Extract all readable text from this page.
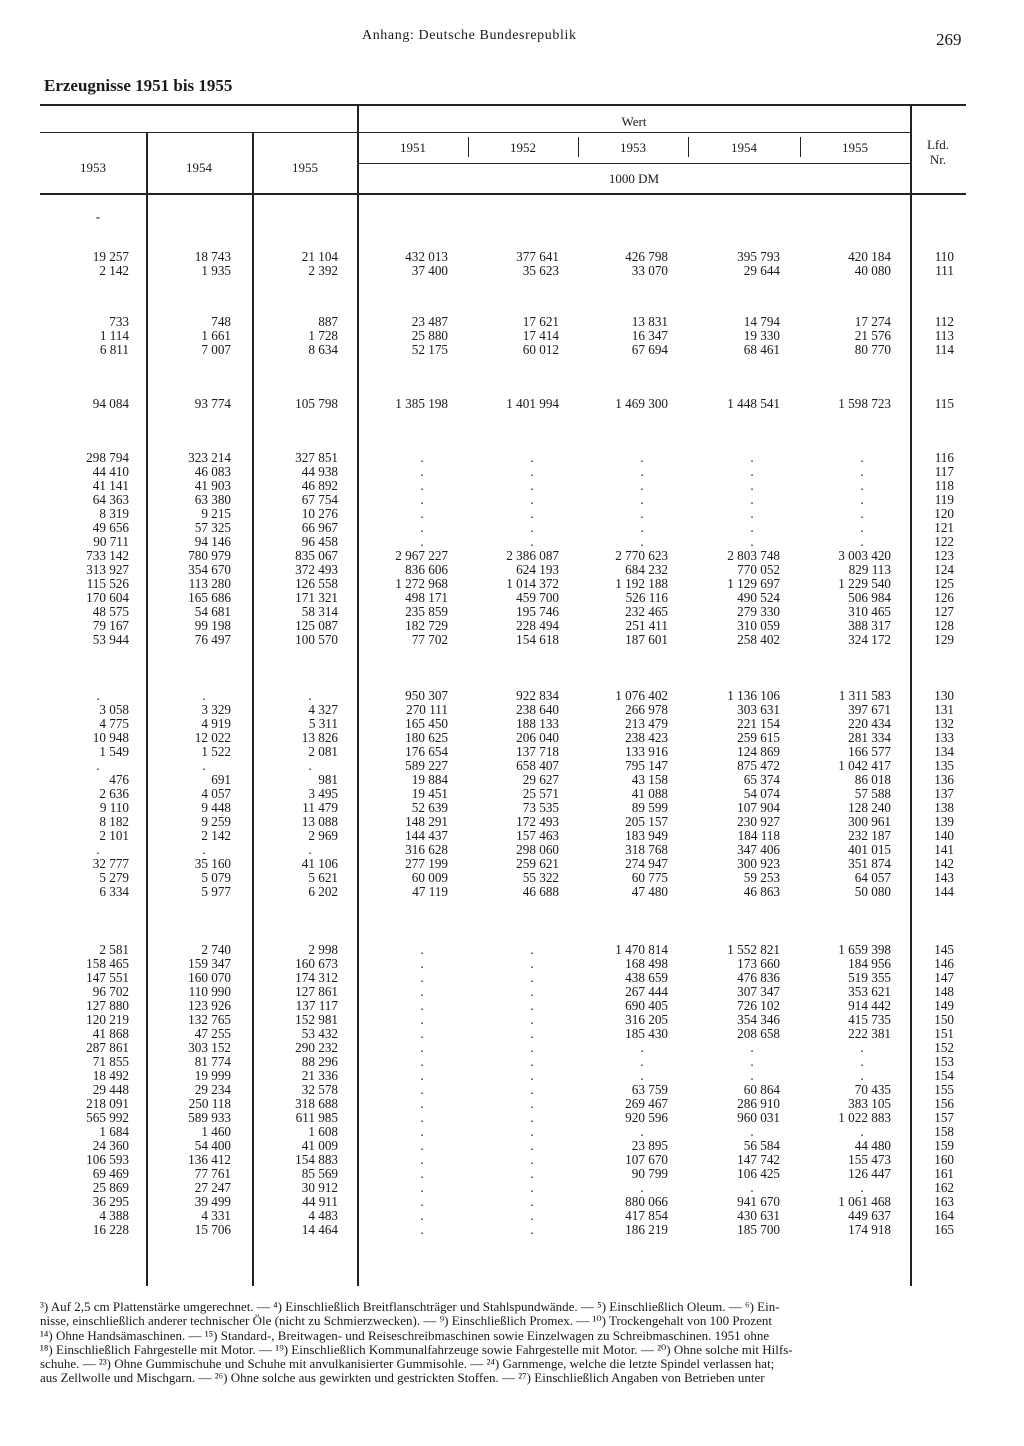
Anhang: Deutsche Bundesrepublik	269
Erzeugnisse 1951 bis 1955
1953	1954	1955
Wert
1951	1952	1953	1954	1955
1000 DM
Lfd.
Nr.
-
19 257	18 743	21 104	432 013	377 641	426 798	395 793	420 184	110
2 142	1 935	2 392	37 400	35 623	33 070	29 644	40 080	111
733	748	887	23 487	17 621	13 831	14 794	17 274	112
1 114	1 661	1 728	25 880	17 414	16 347	19 330	21 576	113
6 811	7 007	8 634	52 175	60 012	67 694	68 461	80 770	114
94 084	93 774	105 798	1 385 198	1 401 994	1 469 300	1 448 541	1 598 723	115
298 794	323 214	327 851	.	.	.	.	.	116
44 410	46 083	44 938	.	.	.	.	.	117
41 141	41 903	46 892	.	.	.	.	.	118
64 363	63 380	67 754	.	.	.	.	.	119
8 319	9 215	10 276	.	.	.	.	.	120
49 656	57 325	66 967	.	.	.	.	.	121
90 711	94 146	96 458	.	.	.	.	.	122
733 142	780 979	835 067	2 967 227	2 386 087	2 770 623	2 803 748	3 003 420	123
313 927	354 670	372 493	836 606	624 193	684 232	770 052	829 113	124
115 526	113 280	126 558	1 272 968	1 014 372	1 192 188	1 129 697	1 229 540	125
170 604	165 686	171 321	498 171	459 700	526 116	490 524	506 984	126
48 575	54 681	58 314	235 859	195 746	232 465	279 330	310 465	127
79 167	99 198	125 087	182 729	228 494	251 411	310 059	388 317	128
53 944	76 497	100 570	77 702	154 618	187 601	258 402	324 172	129
.	.	.	950 307	922 834	1 076 402	1 136 106	1 311 583	130
3 058	3 329	4 327	270 111	238 640	266 978	303 631	397 671	131
4 775	4 919	5 311	165 450	188 133	213 479	221 154	220 434	132
10 948	12 022	13 826	180 625	206 040	238 423	259 615	281 334	133
1 549	1 522	2 081	176 654	137 718	133 916	124 869	166 577	134
.	.	.	589 227	658 407	795 147	875 472	1 042 417	135
476	691	981	19 884	29 627	43 158	65 374	86 018	136
2 636	4 057	3 495	19 451	25 571	41 088	54 074	57 588	137
9 110	9 448	11 479	52 639	73 535	89 599	107 904	128 240	138
8 182	9 259	13 088	148 291	172 493	205 157	230 927	300 961	139
2 101	2 142	2 969	144 437	157 463	183 949	184 118	232 187	140
.	.	.	316 628	298 060	318 768	347 406	401 015	141
32 777	35 160	41 106	277 199	259 621	274 947	300 923	351 874	142
5 279	5 079	5 621	60 009	55 322	60 775	59 253	64 057	143
6 334	5 977	6 202	47 119	46 688	47 480	46 863	50 080	144
2 581	2 740	2 998	.	.	1 470 814	1 552 821	1 659 398	145
158 465	159 347	160 673	.	.	168 498	173 660	184 956	146
147 551	160 070	174 312	.	.	438 659	476 836	519 355	147
96 702	110 990	127 861	.	.	267 444	307 347	353 621	148
127 880	123 926	137 117	.	.	690 405	726 102	914 442	149
120 219	132 765	152 981	.	.	316 205	354 346	415 735	150
41 868	47 255	53 432	.	.	185 430	208 658	222 381	151
287 861	303 152	290 232	.	.	.	.	.	152
71 855	81 774	88 296	.	.	.	.	.	153
18 492	19 999	21 336	.	.	.	.	.	154
29 448	29 234	32 578	.	.	63 759	60 864	70 435	155
218 091	250 118	318 688	.	.	269 467	286 910	383 105	156
565 992	589 933	611 985	.	.	920 596	960 031	1 022 883	157
1 684	1 460	1 608	.	.	.	.	.	158
24 360	54 400	41 009	.	.	23 895	56 584	44 480	159
106 593	136 412	154 883	.	.	107 670	147 742	155 473	160
69 469	77 761	85 569	.	.	90 799	106 425	126 447	161
25 869	27 247	30 912	.	.	.	.	.	162
36 295	39 499	44 911	.	.	880 066	941 670	1 061 468	163
4 388	4 331	4 483	.	.	417 854	430 631	449 637	164
16 228	15 706	14 464	.	.	186 219	185 700	174 918	165
³) Auf 2,5 cm Plattenstärke umgerechnet. — ⁴) Einschließlich Breitflanschträger und Stahlspundwände. — ⁵) Einschließlich Oleum. — ⁶) Ein-
nisse, einschließlich anderer technischer Öle (nicht zu Schmierzwecken). — ⁹) Einschließlich Promex. — ¹⁰) Trockengehalt von 100 Prozent
¹⁴) Ohne Handsämaschinen. — ¹⁵) Standard-, Breitwagen- und Reiseschreibmaschinen sowie Einzelwagen zu Schreibmaschinen. 1951 ohne
¹⁸) Einschließlich Fahrgestelle mit Motor. — ¹⁹) Einschließlich Kommunalfahrzeuge sowie Fahrgestelle mit Motor. — ²⁰) Ohne solche mit Hilfs-
schuhe. — ²³) Ohne Gummischuhe und Schuhe mit anvulkanisierter Gummisohle. — ²⁴) Garnmenge, welche die letzte Spindel verlassen hat;
aus Zellwolle und Mischgarn. — ²⁶) Ohne solche aus gewirkten und gestrickten Stoffen. — ²⁷) Einschließlich Angaben von Betrieben unter
